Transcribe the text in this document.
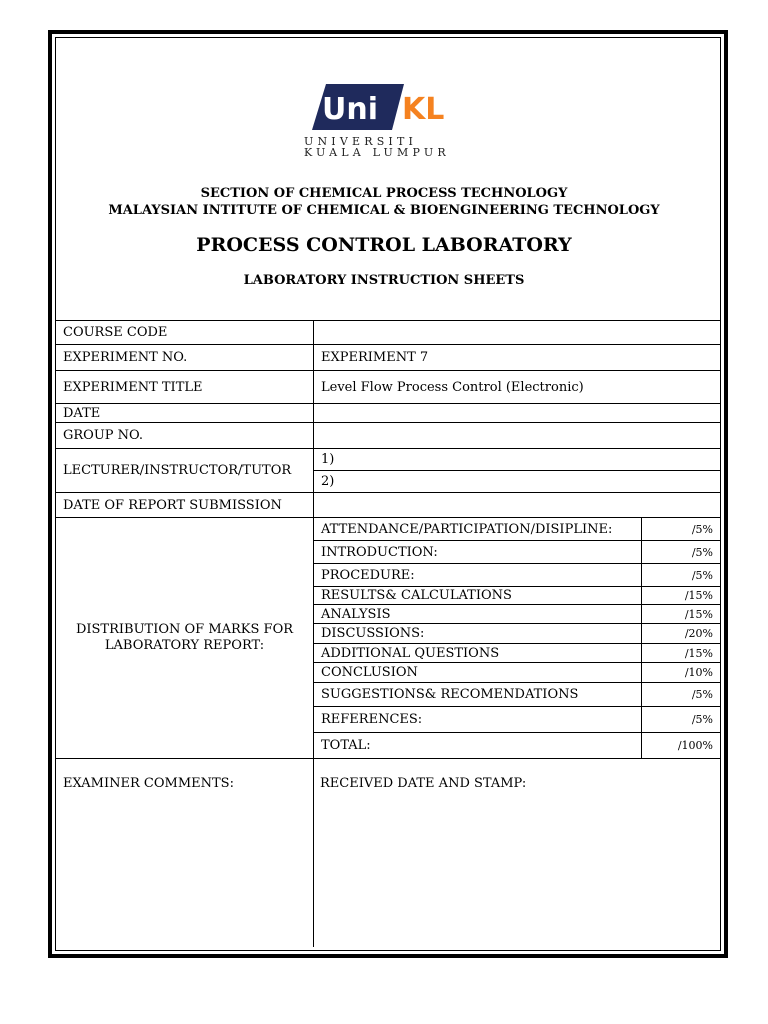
Uni KL
UNIVERSITI
KUALA LUMPUR
SECTION OF CHEMICAL PROCESS TECHNOLOGY
MALAYSIAN INTITUTE OF CHEMICAL & BIOENGINEERING TECHNOLOGY
PROCESS CONTROL LABORATORY
LABORATORY INSTRUCTION SHEETS
COURSE CODE
EXPERIMENT NO.	EXPERIMENT 7
EXPERIMENT TITLE	Level Flow Process Control (Electronic)
DATE
GROUP NO.
LECTURER/INSTRUCTOR/TUTOR
1)
2)
DATE OF REPORT SUBMISSION
DISTRIBUTION OF MARKS FOR
LABORATORY REPORT:
ATTENDANCE/PARTICIPATION/DISIPLINE:	/5%
INTRODUCTION:	/5%
PROCEDURE:	/5%
RESULTS& CALCULATIONS	/15%
ANALYSIS	/15%
DISCUSSIONS:	/20%
ADDITIONAL QUESTIONS	/15%
CONCLUSION	/10%
SUGGESTIONS& RECOMENDATIONS	/5%
REFERENCES:	/5%
TOTAL:	/100%
EXAMINER COMMENTS:	RECEIVED DATE AND STAMP:
